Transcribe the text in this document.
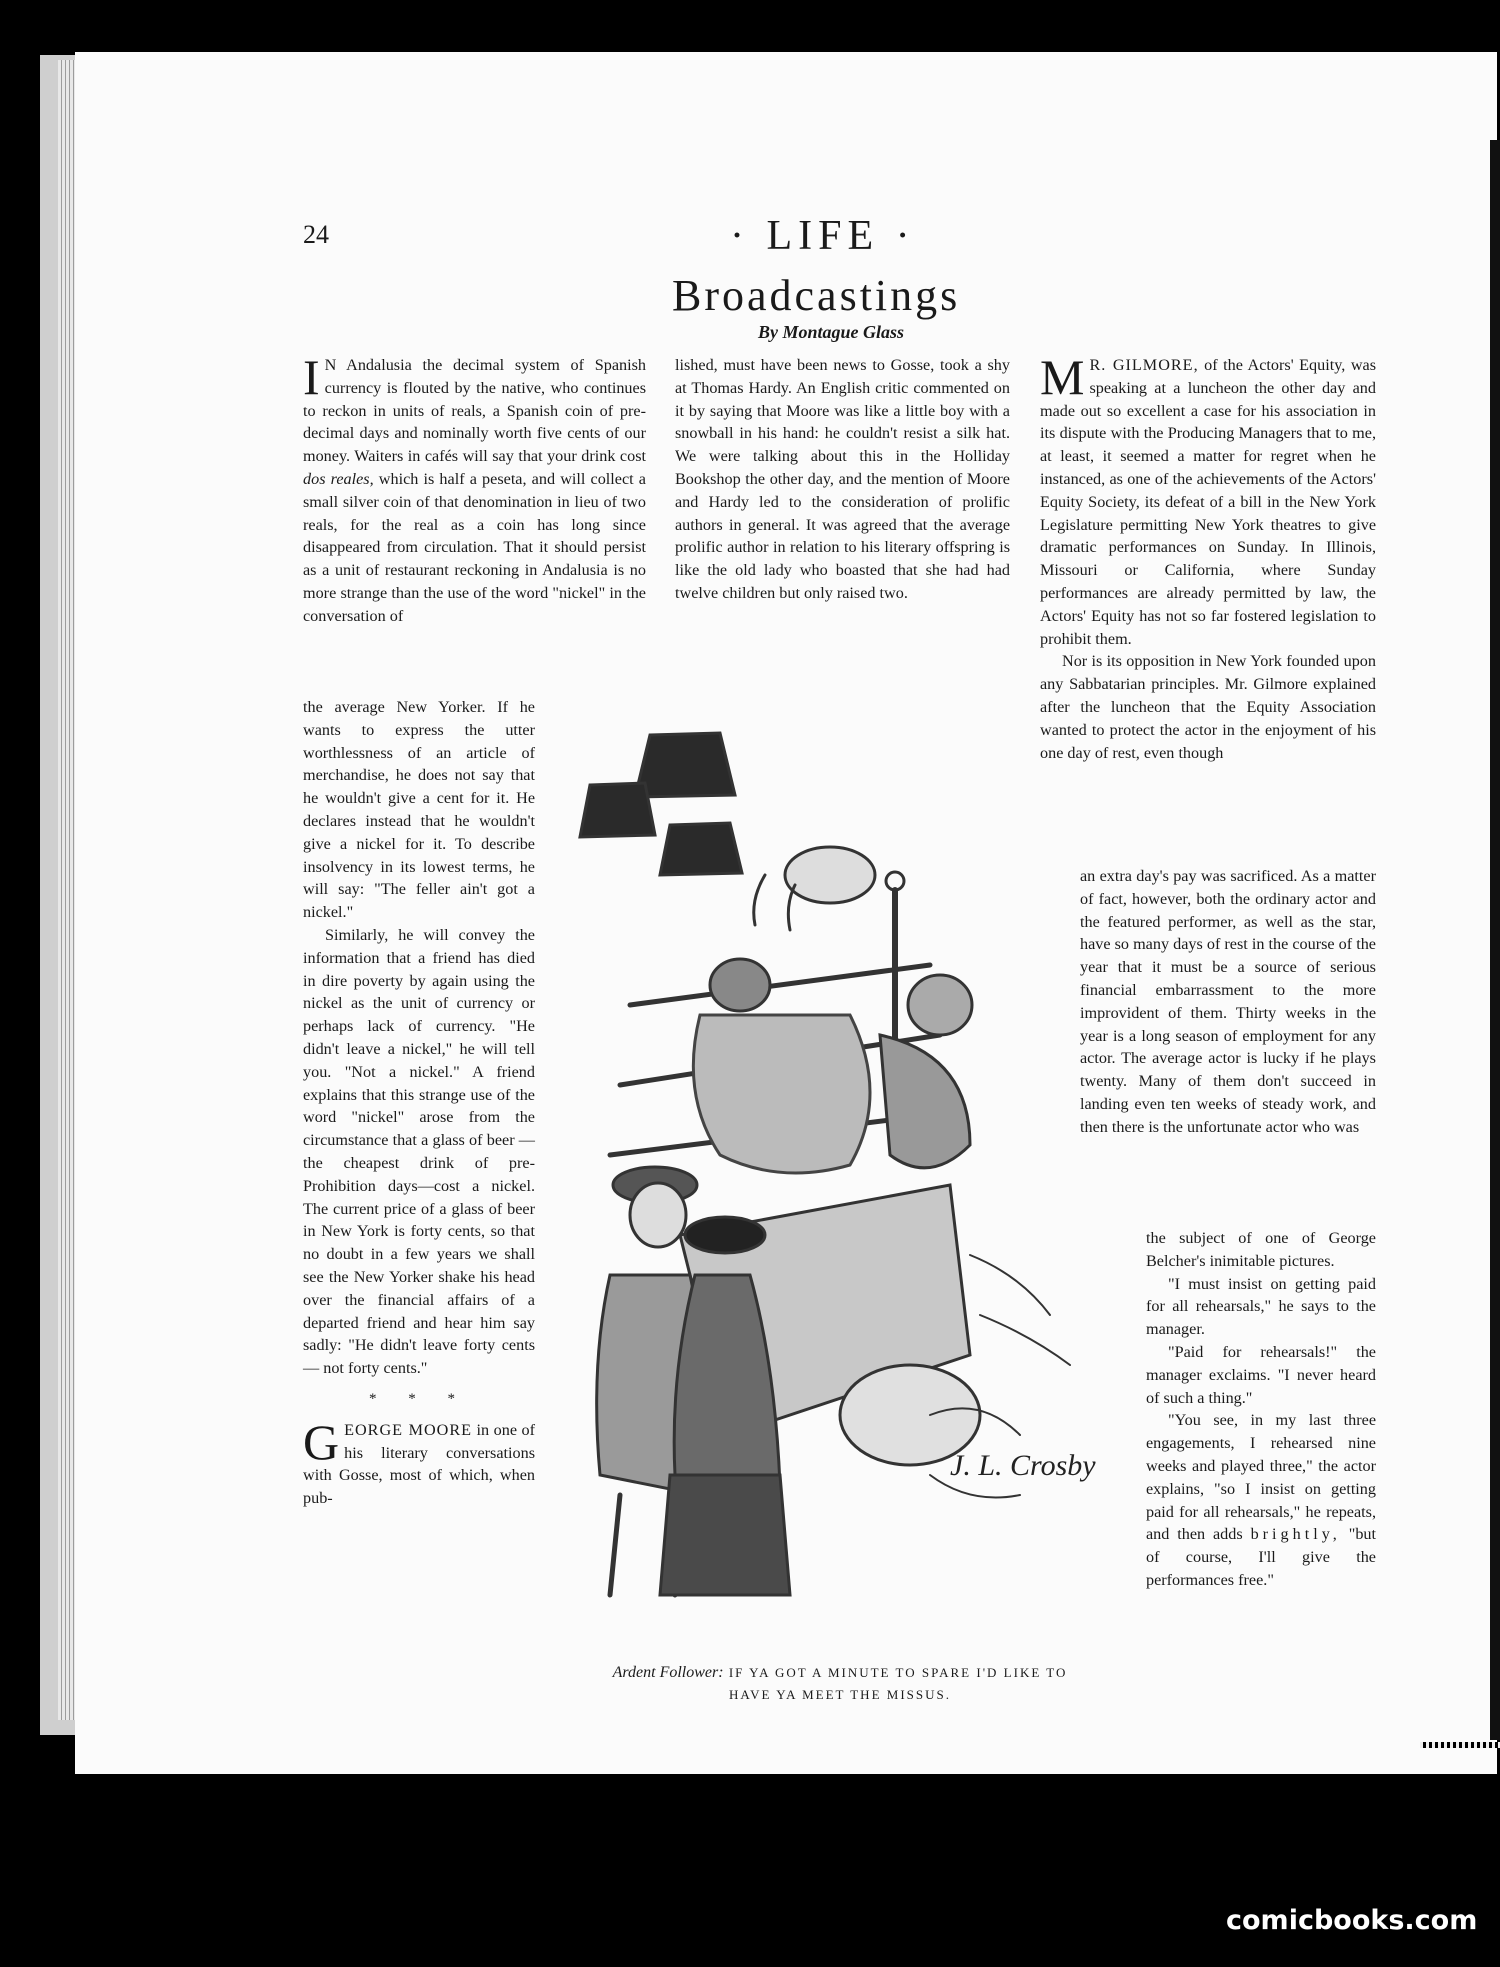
24	· LIFE ·
Broadcastings
By Montague Glass

I N Andalusia the decimal system of Spanish currency is flouted by the native, who continues to reckon in units of reals, a Spanish coin of pre-decimal days and nominally worth five cents of our money. Waiters in cafés will say that your drink cost dos reales, which is half a peseta, and will collect a small silver coin of that denomination in lieu of two reals, for the real as a coin has long since disappeared from circulation. That it should persist as a unit of restaurant reckoning in Andalusia is no more strange than the use of the word "nickel" in the conversation of

the average New Yorker. If he wants to express the utter worthlessness of an article of merchandise, he does not say that he wouldn't give a cent for it. He declares instead that he wouldn't give a nickel for it. To describe insolvency in its lowest terms, he will say: "The feller ain't got a nickel."

Similarly, he will convey the information that a friend has died in dire poverty by again using the nickel as the unit of currency or perhaps lack of currency. "He didn't leave a nickel," he will tell you. "Not a nickel." A friend explains that this strange use of the word "nickel" arose from the circumstance that a glass of beer — the cheapest drink of pre-Prohibition days—cost a nickel. The current price of a glass of beer in New York is forty cents, so that no doubt in a few years we shall see the New Yorker shake his head over the financial affairs of a departed friend and hear him say sadly: "He didn't leave forty cents — not forty cents."

* * *

GEORGE MOORE in one of his literary conversations with Gosse, most of which, when pub-

lished, must have been news to Gosse, took a shy at Thomas Hardy. An English critic commented on it by saying that Moore was like a little boy with a snowball in his hand: he couldn't resist a silk hat. We were talking about this in the Holliday Bookshop the other day, and the mention of Moore and Hardy led to the consideration of prolific authors in general. It was agreed that the average prolific author in relation to his literary offspring is like the old lady who boasted that she had had twelve children but only raised two.

M R. GILMORE, of the Actors' Equity, was speaking at a luncheon the other day and made out so excellent a case for his association in its dispute with the Producing Managers that to me, at least, it seemed a matter for regret when he instanced, as one of the achievements of the Actors' Equity Society, its defeat of a bill in the New York Legislature permitting New York theatres to give dramatic performances on Sunday. In Illinois, Missouri or California, where Sunday performances are already permitted by law, the Actors' Equity has not so far fostered legislation to prohibit them.

Nor is its opposition in New York founded upon any Sabbatarian principles. Mr. Gilmore explained after the luncheon that the Equity Association wanted to protect the actor in the enjoyment of his one day of rest, even though

an extra day's pay was sacrificed. As a matter of fact, however, both the ordinary actor and the featured performer, as well as the star, have so many days of rest in the course of the year that it must be a source of serious financial embarrassment to the more improvident of them. Thirty weeks in the year is a long season of employment for any actor. The average actor is lucky if he plays twenty. Many of them don't succeed in landing even ten weeks of steady work, and then there is the unfortunate actor who was

the subject of one of George Belcher's inimitable pictures.

"I must insist on getting paid for all rehearsals," he says to the manager.

"Paid for rehearsals!" the manager exclaims. "I never heard of such a thing."

"You see, in my last three engagements, I rehearsed nine weeks and played three," the actor explains, "so I insist on getting paid for all rehearsals," he repeats, and then adds brightly, "but of course, I'll give the performances free."

J. L. Crosby
Ardent Follower: IF YA GOT A MINUTE TO SPARE I'D LIKE TO
HAVE YA MEET THE MISSUS.
comicbooks.com
